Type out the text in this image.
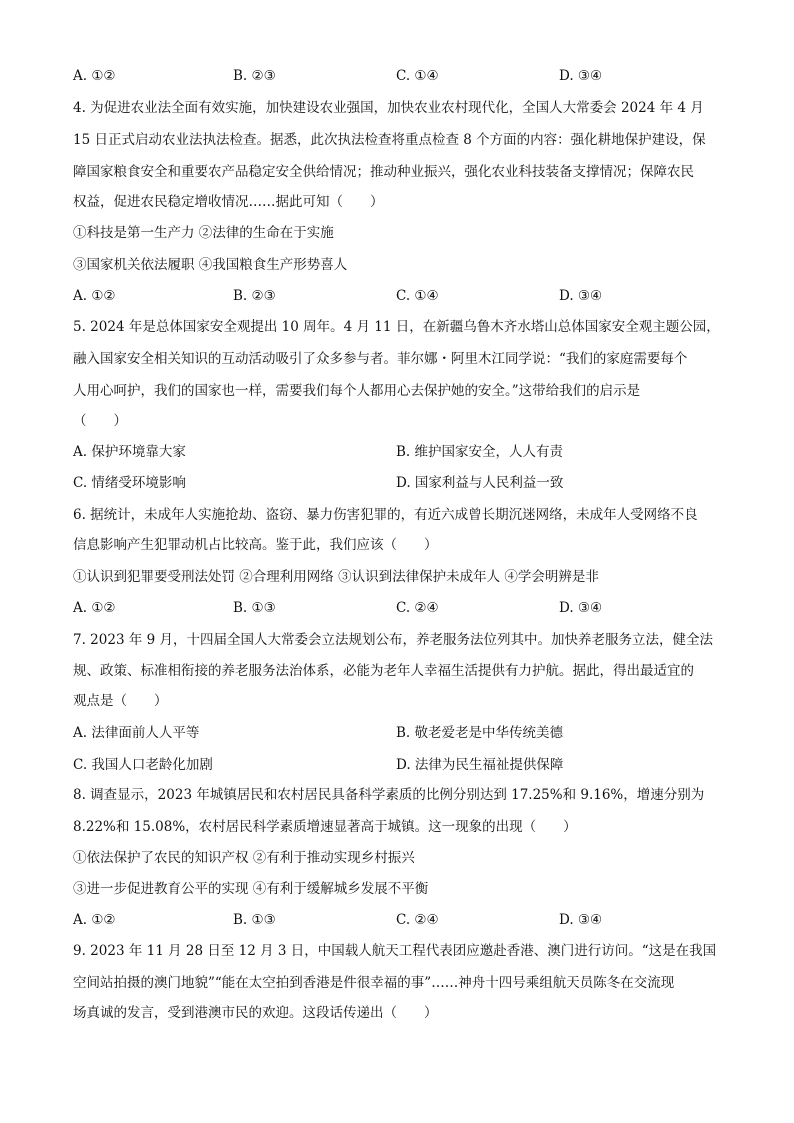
A. ①②	B. ②③	C. ①④	D. ③④
4. 为促进农业法全面有效实施，加快建设农业强国，加快农业农村现代化，全国人大常委会 2024 年 4 月
15 日正式启动农业法执法检查。据悉，此次执法检查将重点检查 8 个方面的内容：强化耕地保护建设，保
障国家粮食安全和重要农产品稳定安全供给情况；推动种业振兴，强化农业科技装备支撑情况；保障农民
权益，促进农民稳定增收情况……据此可知（　　）
①科技是第一生产力 ②法律的生命在于实施
③国家机关依法履职 ④我国粮食生产形势喜人
A. ①②	B. ②③	C. ①④	D. ③④
5. 2024 年是总体国家安全观提出 10 周年。4 月 11 日，在新疆乌鲁木齐水塔山总体国家安全观主题公园，
融入国家安全相关知识的互动活动吸引了众多参与者。菲尔娜・阿里木江同学说：“我们的家庭需要每个
人用心呵护，我们的国家也一样，需要我们每个人都用心去保护她的安全。”这带给我们的启示是
（　　）
A. 保护环境靠大家	B. 维护国家安全，人人有责
C. 情绪受环境影响	D. 国家利益与人民利益一致
6. 据统计，未成年人实施抢劫、盗窃、暴力伤害犯罪的，有近六成曾长期沉迷网络，未成年人受网络不良
信息影响产生犯罪动机占比较高。鉴于此，我们应该（　　）
①认识到犯罪要受刑法处罚 ②合理利用网络 ③认识到法律保护未成年人 ④学会明辨是非
A. ①②	B. ①③	C. ②④	D. ③④
7. 2023 年 9 月，十四届全国人大常委会立法规划公布，养老服务法位列其中。加快养老服务立法，健全法
规、政策、标准相衔接的养老服务法治体系，必能为老年人幸福生活提供有力护航。据此，得出最适宜的
观点是（　　）
A. 法律面前人人平等	B. 敬老爱老是中华传统美德
C. 我国人口老龄化加剧	D. 法律为民生福祉提供保障
8. 调查显示，2023 年城镇居民和农村居民具备科学素质的比例分别达到 17.25%和 9.16%，增速分别为
8.22%和 15.08%，农村居民科学素质增速显著高于城镇。这一现象的出现（　　）
①依法保护了农民的知识产权 ②有利于推动实现乡村振兴
③进一步促进教育公平的实现 ④有利于缓解城乡发展不平衡
A. ①②	B. ①③	C. ②④	D. ③④
9. 2023 年 11 月 28 日至 12 月 3 日，中国载人航天工程代表团应邀赴香港、澳门进行访问。“这是在我国
空间站拍摄的澳门地貌”“能在太空拍到香港是件很幸福的事”……神舟十四号乘组航天员陈冬在交流现
场真诚的发言，受到港澳市民的欢迎。这段话传递出（　　）
